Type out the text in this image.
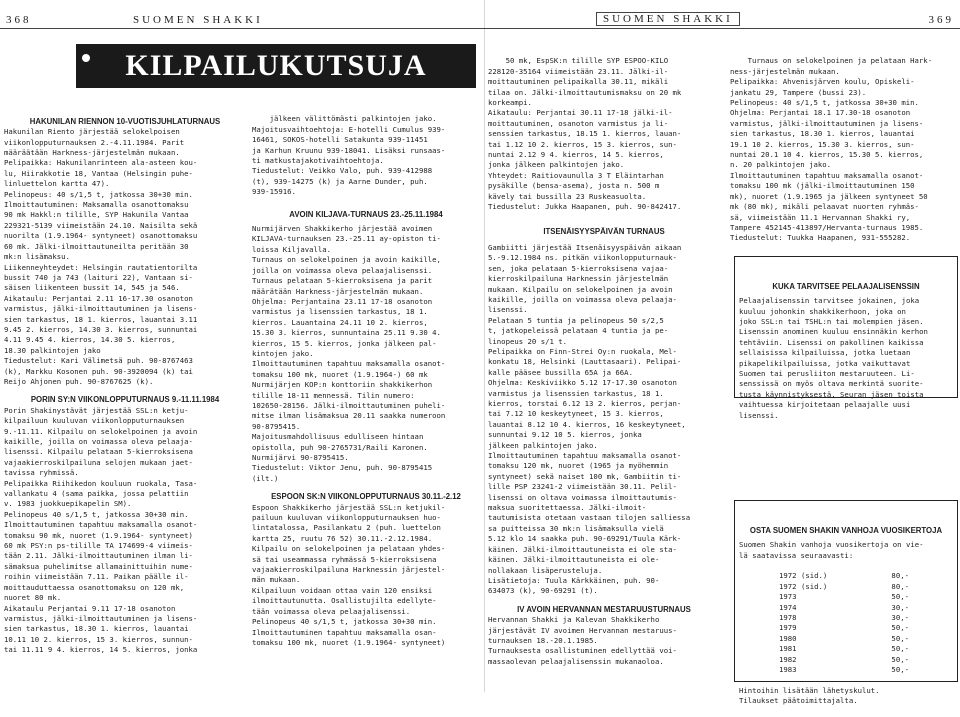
368	SUOMEN SHAKKI
KILPAILUKUTSUJA

HAKUNILAN RIENNON 10-VUOTISJUHLATURNAUS
Hakunilan Riento järjestää selokelpoisen
viikonlopputurnauksen 2.-4.11.1984. Parit
määräätään Harkness-järjestelmän mukaan.
Pelipaikka: Hakunilanrinteen ala-asteen kou-
lu, Hiirakkotie 18, Vantaa (Helsingin puhe-
linluettelon kartta 47).
Pelinopeus: 40 s/1,5 t, jatkossa 30+30 min.
Ilmoittautuminen: Maksamalla osanottomaksu
90 mk Hakkl:n tilille, SYP Hakunila Vantaa
229321-5139 viimeistään 24.10. Naisilta sekä
nuorilta (1.9.1964- syntyneet) osanottomaksu
60 mk. Jälki-ilmoittautuneilta peritään 30
mk:n lisämaksu.
Liikenneyhteydet: Helsingin rautatientorilta
bussit 740 ja 743 (laituri 22), Vantaan si-
säisen liikenteen bussit 14, 545 ja 546.
Aikataulu: Perjantai 2.11 16-17.30 osanoton
varmistus, jälki-ilmoittautuminen ja lisens-
sien tarkastus, 18 1. kierros, lauantai 3.11
9.45 2. kierros, 14.30 3. kierros, sunnuntai
4.11 9.45 4. kierros, 14.30 5. kierros,
18.30 palkintojen jako
Tiedustelut: Kari Välimetsä puh. 90-8767463
(k), Markku Kosonen puh. 90-3920094 (k) tai
Reijo Ahjonen puh. 90-8767625 (k).

PORIN SY:N VIIKONLOPPUTURNAUS 9.-11.11.1984
Porin Shakinystävät järjestää SSL:n ketju-
kilpailuun kuuluvan viikonlopputurnauksen
9.-11.11. Kilpailu on selokelpoinen ja avoin
kaikille, joilla on voimassa oleva pelaaja-
lisenssi. Kilpailu pelataan 5-kierroksisena
vajaakierroskilpailuna selojen mukaan jaet-
tavissa ryhmissä.
Pelipaikka Riihikedon kouluun ruokala, Tasa-
vallankatu 4 (sama paikka, jossa pelattiin
v. 1983 juokkuepikapelin SM).
Pelinopeus 40 s/1,5 t, jatkossa 30+30 min.
Ilmoittautuminen tapahtuu maksamalla osanot-
tomaksu 90 mk, nuoret (1.9.1964- syntyneet)
60 mk PSY:n ps-tilille TA 174699-4 viimeis-
tään 2.11. Jälki-ilmoittautuminen ilman li-
sämaksua puhelimitse allamainittuihin nume-
roihin viimeistään 7.11. Paikan päälle il-
moittauduttaessa osanottomaksu on 120 mk,
nuoret 80 mk.
Aikataulu Perjantai 9.11 17-18 osanoton
varmistus, jälki-ilmoittautuminen ja lisens-
sien tarkastus, 18.30 1. kierros, lauantai
10.11 10 2. kierros, 15 3. kierros, sunnun-
tai 11.11 9 4. kierros, 14 5. kierros, jonka

jälkeen välittömästi palkintojen jako.
Majoitusvaihtoehtoja: E-hotelli Cumulus 939-
16461, SOKOS-hotelli Satakunta 939-11451
ja Karhun Kruunu 939-18041. Lisäksi runsaas-
ti matkustajakotivaihtoehtoja.
Tiedustelut: Veikko Valo, puh. 939-412988
(t), 939-14275 (k) ja Aarne Dunder, puh.
939-15916.

AVOIN KILJAVA-TURNAUS 23.-25.11.1984
Nurmijärven Shakkikerho järjestää avoimen
KILJAVA-turnauksen 23.-25.11 ay-opiston ti-
loissa Kiljavalla.
Turnaus on selokelpoinen ja avoin kaikille,
joilla on voimassa oleva pelaajalisenssi.
Turnaus pelataan 5-kierroksisena ja parit
määrätään Harkness-järjestelmän mukaan.
Ohjelma: Perjantaina 23.11 17-18 osanoton
varmistus ja lisenssien tarkastus, 18 1.
kierros. Lauantaina 24.11 10 2. kierros,
15.30 3. kierros, sunnuntaina 25.11 9.30 4.
kierros, 15 5. kierros, jonka jälkeen pal-
kintojen jako.
Ilmoittautuminen tapahtuu maksamalla osanot-
tomaksu 100 mk, nuoret (1.9.1964-) 60 mk
Nurmijärjen KOP:n konttoriin shakkikerhon
tilille 18-11 mennessä. Tilin numero:
102650-28156. Jälki-ilmoittautuminen puheli-
mitse ilman lisämaksua 20.11 saakka numeroon
90-8795415.
Majoitusmahdollisuus edulliseen hintaan
opistolla, puh 90-2765731/Raili Karonen.
Nurmijärvi 90-8795415.
Tiedustelut: Viktor Jenu, puh. 90-8795415
(ilt.)

ESPOON SK:N VIIKONLOPPUTURNAUS 30.11.-2.12
Espoon Shakkikerho järjestää SSL:n ketjukil-
pailuun kuuluvan viikonlopputurnauksen huo-
lintatalossa, Pasilankatu 2 (puh. luettelon
kartta 25, ruutu 76 52) 30.11.-2.12.1984.
Kilpailu on selokelpoinen ja pelataan yhdes-
sä tai useammassa ryhmässä 5-kierroksisena
vajaakierroskilpailuna Harknessin järjestel-
män mukaan.
Kilpailuun voidaan ottaa vain 120 ensiksi
ilmoittautunutta. Osallistujilta edellyte-
tään voimassa oleva pelaajalisenssi.
Pelinopeus 40 s/1,5 t, jatkossa 30+30 min.
Ilmoittautuminen tapahtuu maksamalla osan-
tomaksu 100 mk, nuoret (1.9.1964- syntyneet)

SUOMEN SHAKKI	369

50 mk, EspSK:n tilille SYP ESPOO-KILO
228120-35164 viimeistään 23.11. Jälki-il-
moittautuminen pelipaikalla 30.11, mikäli
tilaa on. Jälki-ilmoittautumismaksu on 20 mk
korkeampi.
Aikataulu: Perjantai 30.11 17-18 jälki-il-
moittautuminen, osanoton varmistus ja li-
senssien tarkastus, 18.15 1. kierros, lauan-
tai 1.12 10 2. kierros, 15 3. kierros, sun-
nuntai 2.12 9 4. kierros, 14 5. kierros,
jonka jälkeen palkintojen jako.
Yhteydet: Raitiovaunulla 3 T Eläintarhan
pysäkille (bensa-asema), josta n. 500 m
kävely tai bussilla 23 Ruskeasuolta.
Tiedustelut: Jukka Haapanen, puh. 90-842417.

ITSENÄISYYSPÄIVÄN TURNAUS
Gambiitti järjestää Itsenäisyyspäivän aikaan
5.-9.12.1984 ns. pitkän viikonlopputurnauk-
sen, joka pelataan 5-kierroksisena vajaa-
kierroskilpailuna Harknessin järjestelmän
mukaan. Kilpailu on selokelpoinen ja avoin
kaikille, joilla on voimassa oleva pelaaja-
lisenssi.
Pelataan 5 tuntia ja pelinopeus 50 s/2,5
t, jatkopeleissä pelataan 4 tuntia ja pe-
linopeus 20 s/1 t.
Pelipaikka on Finn-Strei Oy:n ruokala, Mel-
konkatu 18, Helsinki (Lauttasaari). Pelipai-
kalle pääsee bussilla 65A ja 66A.
Ohjelma: Keskiviikko 5.12 17-17.30 osanoton
varmistus ja lisenssien tarkastus, 18 1.
kierros, torstai 6.12 13 2. kierros, perjan-
tai 7.12 10 keskeytyneet, 15 3. kierros,
lauantai 8.12 10 4. kierros, 16 keskeytyneet,
sunnuntai 9.12 10 5. kierros, jonka
jälkeen palkintojen jako.
Ilmoittautuminen tapahtuu maksamalla osanot-
tomaksu 120 mk, nuoret (1965 ja myöhemmin
syntyneet) sekä naiset 100 mk, Gambiitin ti-
lille PSP 23241-2 viimeistään 30.11. Pelil-
lisenssi on oltava voimassa ilmoittautumis-
maksua suoritettaessa. Jälki-ilmoit-
tautumisista otetaan vastaan tilojen salliessa
sa puitteissa 30 mk:n lisämaksulla vielä
5.12 klo 14 saakka puh. 90-69291/Tuula Kärk-
käinen. Jälki-ilmoittautuneista ei ole sta-
käinen. Jälki-ilmoittautuneista ei ole-
nollakaan lisäperusteluja.
Lisätietoja: Tuula Kärkkäinen, puh. 90-
634073 (k), 90-69291 (t).

IV AVOIN HERVANNAN MESTARUUSTURNAUS
Hervannan Shakki ja Kalevan Shakkikerho
järjestävät IV avoimen Hervannan mestaruus-
turnauksen 18.-20.1.1985.
Turnauksesta osallistuminen edellyttää voi-
massaolevan pelaajalisenssin mukanaoloa.

Turnaus on selokelpoinen ja pelataan Hark-
ness-järjestelmän mukaan.
Pelipaikka: Ahvenisjärven koulu, Opiskeli-
jankatu 29, Tampere (bussi 23).
Pelinopeus: 40 s/1,5 t, jatkossa 30+30 min.
Ohjelma: Perjantai 18.1 17.30-18 osanoton
varmistus, jälki-ilmoittautuminen ja lisens-
sien tarkastus, 18.30 1. kierros, lauantai
19.1 10 2. kierros, 15.30 3. kierros, sun-
nuntai 20.1 10 4. kierros, 15.30 5. kierros,
n. 20 palkintojen jako.
Ilmoittautuminen tapahtuu maksamalla osanot-
tomaksu 100 mk (jälki-ilmoittautuminen 150
mk), nuoret (1.9.1965 ja jälkeen syntyneet 50
mk (80 mk), mikäli pelaavat nuorten ryhmäs-
sä, viimeistään 11.1 Hervannan Shakki ry,
Tampere 452145-413897/Hervanta-turnaus 1985.
Tiedustelut: Tuukka Haapanen, 931-555282.

KUKA TARVITSEE PELAAJALISENSSIN
Pelaajalisenssin tarvitsee jokainen, joka
kuuluu johonkin shakkikerhoon, joka on
joko SSL:n tai TSHL:n tai molempien jäsen.
Lisenssin anominen kuuluu ensinnäkin kerhon
tehtäviin. Lisenssi on pakollinen kaikissa
sellaisissa kilpailuissa, jotka luetaan
pikapelikilpailuissa, jotka vaikuttavat
Suomen tai perusliiton mestaruuteen. Li-
senssissä on myös oltava merkintä suorite-
tusta käynnistyksestä. Seuran jäsen toista
vaihtuessa kirjoitetaan pelaajalle uusi
lisenssi.

OSTA SUOMEN SHAKIN VANHOJA VUOSIKERTOJA
Suomen Shakin vanhoja vuosikertoja on vie-
lä saatavissa seuraavasti:

1972 (sid.)	80,-
1972 (sid.)	80,-
1973	50,-
1974	30,-
1978	30,-
1979	50,-
1980	50,-
1981	50,-
1982	50,-
1983	50,-

Hintoihin lisätään lähetyskulut.
Tilaukset päätoimittajalta.
